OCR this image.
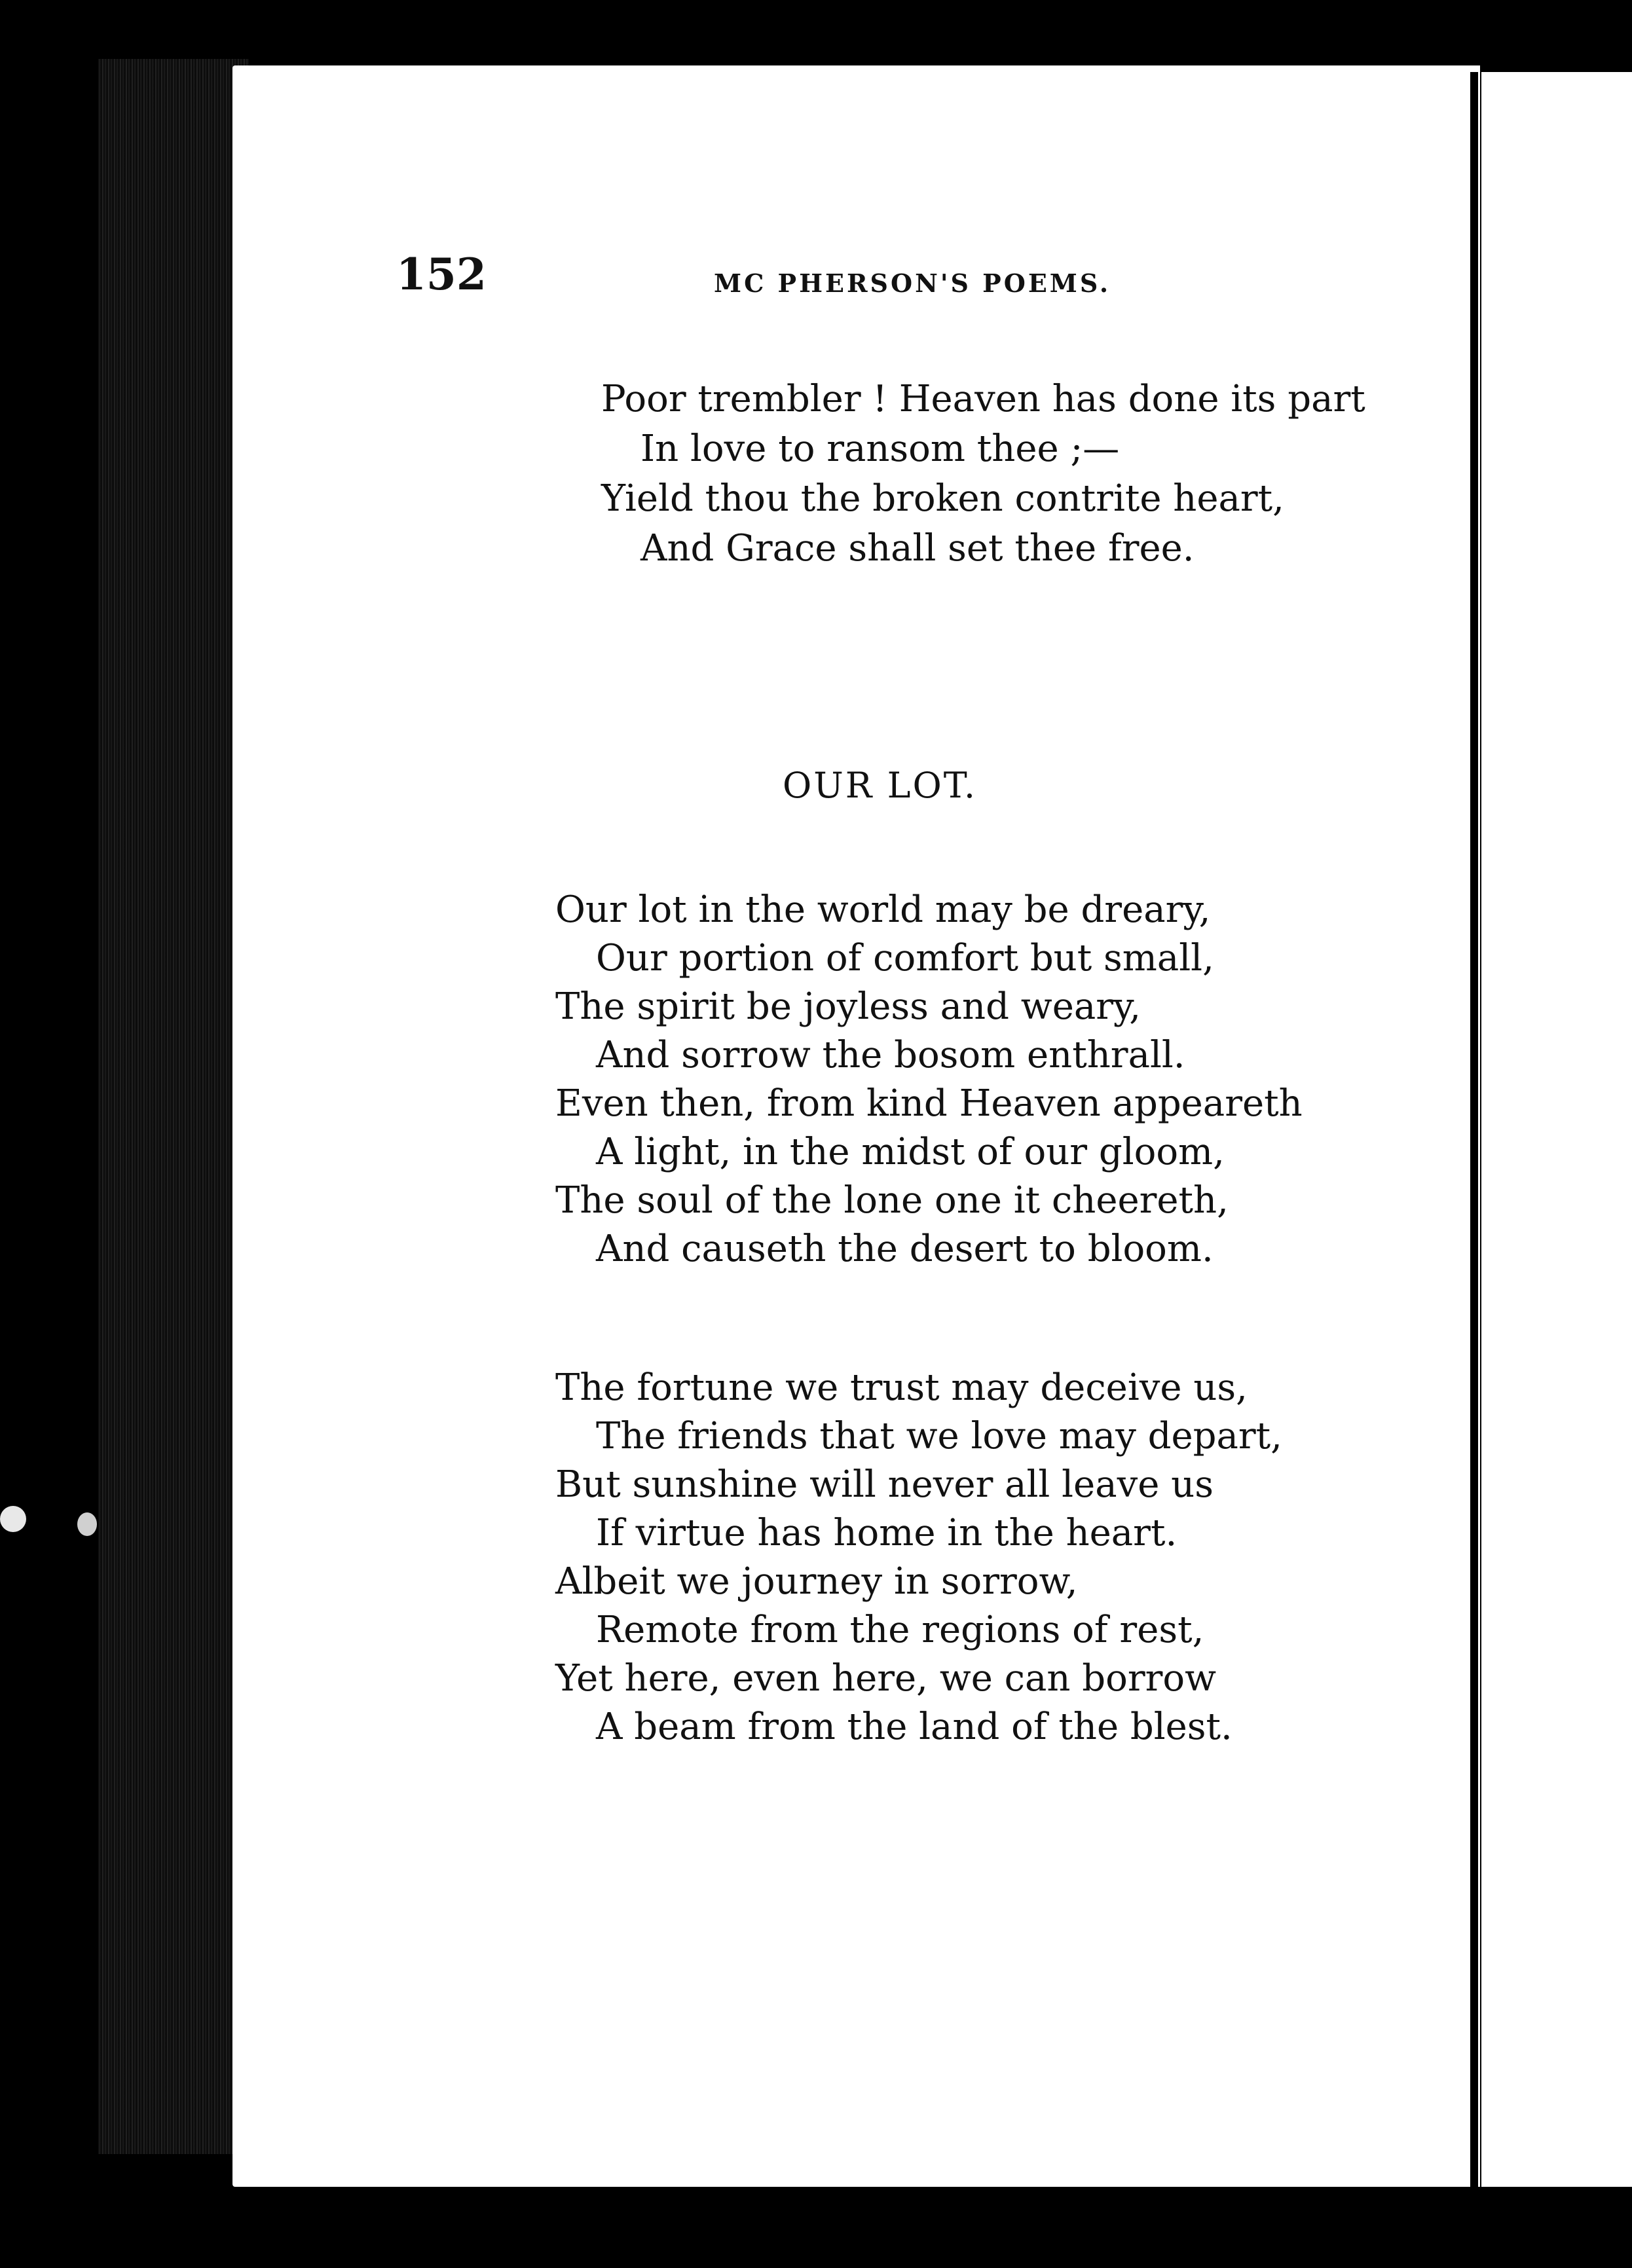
152	MC PHERSON'S POEMS.
Poor trembler ! Heaven has done its part
In love to ransom thee ;—
Yield thou the broken contrite heart,
And Grace shall set thee free.
OUR LOT.
Our lot in the world may be dreary,
Our portion of comfort but small,
The spirit be joyless and weary,
And sorrow the bosom enthrall.
Even then, from kind Heaven appeareth
A light, in the midst of our gloom,
The soul of the lone one it cheereth,
And causeth the desert to bloom.
The fortune we trust may deceive us,
The friends that we love may depart,
But sunshine will never all leave us
If virtue has home in the heart.
Albeit we journey in sorrow,
Remote from the regions of rest,
Yet here, even here, we can borrow
A beam from the land of the blest.
